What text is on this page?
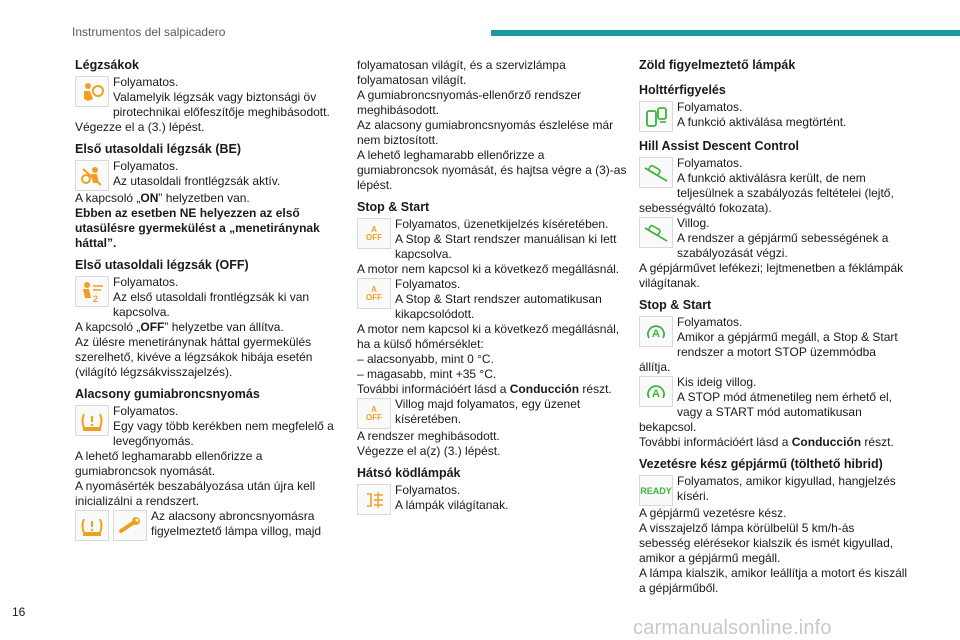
Instrumentos del salpicadero
Légzsákok

Folyamatos.

Valamelyik légzsák vagy biztonsági öv pirotechnikai előfeszítője meghibásodott.

Végezze el a (3.) lépést.

Első utasoldali légzsák (BE)

Folyamatos.

Az utasoldali frontlégzsák aktív.

A kapcsoló „ON” helyzetben van.

Ebben az esetben NE helyezzen az első utasülésre gyermekülést a „menetiránynak háttal”.

Első utasoldali légzsák (OFF)
2

Folyamatos.

Az első utasoldali frontlégzsák ki van kapcsolva.

A kapcsoló „OFF” helyzetbe van állítva.

Az ülésre menetiránynak háttal gyermekülés szerelhető, kivéve a légzsákok hibája esetén (világító légzsákvisszajelzés).

Alacsony gumiabroncsnyomás

Folyamatos.

Egy vagy több kerékben nem megfelelő a levegőnyomás.

A lehető leghamarabb ellenőrizze a gumiabroncsok nyomását.

A nyomásérték beszabályozása után újra kell inicializálni a rendszert.

Az alacsony abroncsnyomásra figyelmeztető lámpa villog, majd

folyamatosan világít, és a szervizlámpa folyamatosan világít.

A gumiabroncsnyomás-ellenőrző rendszer meghibásodott.

Az alacsony gumiabroncsnyomás észlelése már nem biztosított.

A lehető leghamarabb ellenőrizze a gumiabroncsok nyomását, és hajtsa végre a (3)-as lépést.

Stop & Start
A
OFF

Folyamatos, üzenetkijelzés kíséretében.

A Stop & Start rendszer manuálisan ki lett kapcsolva.

A motor nem kapcsol ki a következő megállásnál.

A
OFF

Folyamatos.

A Stop & Start rendszer automatikusan kikapcsolódott.

A motor nem kapcsol ki a következő megállásnál, ha a külső hőmérséklet:

– alacsonyabb, mint 0 °C.

– magasabb, mint +35 °C.

További információért lásd a Conducción részt.

A
OFF

Villog majd folyamatos, egy üzenet kíséretében.

A rendszer meghibásodott.

Végezze el a(z) (3.) lépést.

Hátsó ködlámpák

Folyamatos.

A lámpák világítanak.

Zöld figyelmeztető lámpák
Holttérfigyelés

Folyamatos.

A funkció aktiválása megtörtént.

Hill Assist Descent Control

Folyamatos.

A funkció aktiválásra került, de nem teljesülnek a szabályozás feltételei (lejtő, sebességváltó fokozata).

Villog.

A rendszer a gépjármű sebességének a szabályozását végzi.

A gépjárművet lefékezi; lejtmenetben a féklámpák világítanak.

Stop & Start
A

Folyamatos.

Amikor a gépjármű megáll, a Stop & Start rendszer a motort STOP üzemmódba állítja.

A

Kis ideig villog.

A STOP mód átmenetileg nem érhető el, vagy a START mód automatikusan bekapcsol.

További információért lásd a Conducción részt.

Vezetésre kész gépjármű (tölthető hibrid)
READY

Folyamatos, amikor kigyullad, hangjelzés kíséri.

A gépjármű vezetésre kész.

A visszajelző lámpa körülbelül 5 km/h-ás sebesség elérésekor kialszik és ismét kigyullad, amikor a gépjármű megáll.

A lámpa kialszik, amikor leállítja a motort és kiszáll a gépjárműből.

16
carmanualsonline.info
